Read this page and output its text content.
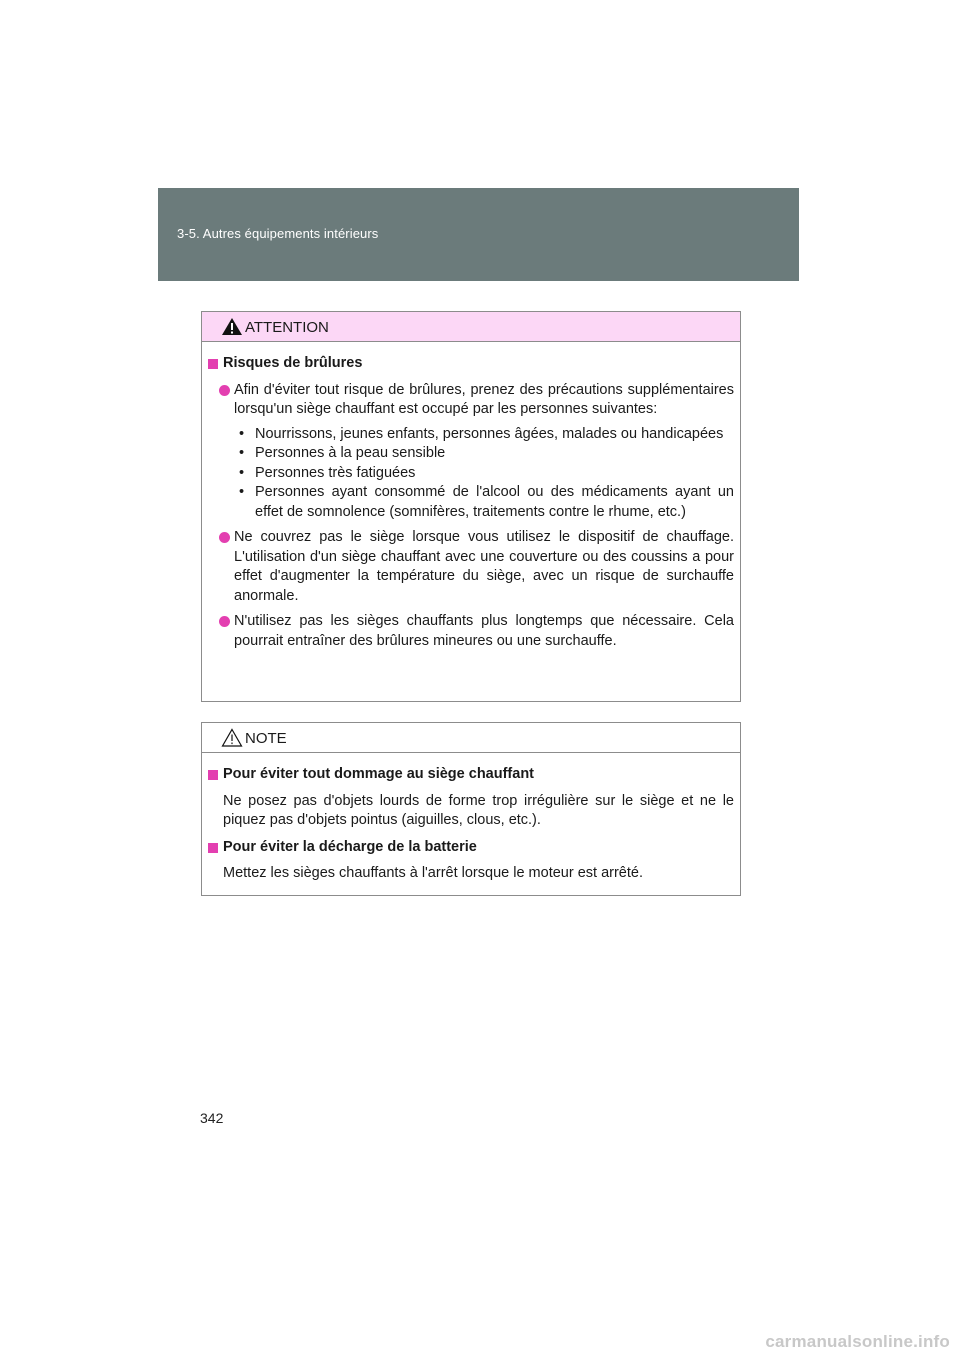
3-5. Autres équipements intérieurs
ATTENTION
Risques de brûlures
Afin d'éviter tout risque de brûlures, prenez des précautions supplémentaires lorsqu'un siège chauffant est occupé par les personnes suivantes:
• Nourrissons, jeunes enfants, personnes âgées, malades ou handicapées
• Personnes à la peau sensible
• Personnes très fatiguées
• Personnes ayant consommé de l'alcool ou des médicaments ayant un effet de somnolence (somnifères, traitements contre le rhume, etc.)
Ne couvrez pas le siège lorsque vous utilisez le dispositif de chauffage. L'utilisation d'un siège chauffant avec une couverture ou des coussins a pour effet d'augmenter la température du siège, avec un risque de surchauffe anormale.
N'utilisez pas les sièges chauffants plus longtemps que nécessaire. Cela pourrait entraîner des brûlures mineures ou une surchauffe.
NOTE
Pour éviter tout dommage au siège chauffant
Ne posez pas d'objets lourds de forme trop irrégulière sur le siège et ne le piquez pas d'objets pointus (aiguilles, clous, etc.).
Pour éviter la décharge de la batterie
Mettez les sièges chauffants à l'arrêt lorsque le moteur est arrêté.
342
carmanualsonline.info
